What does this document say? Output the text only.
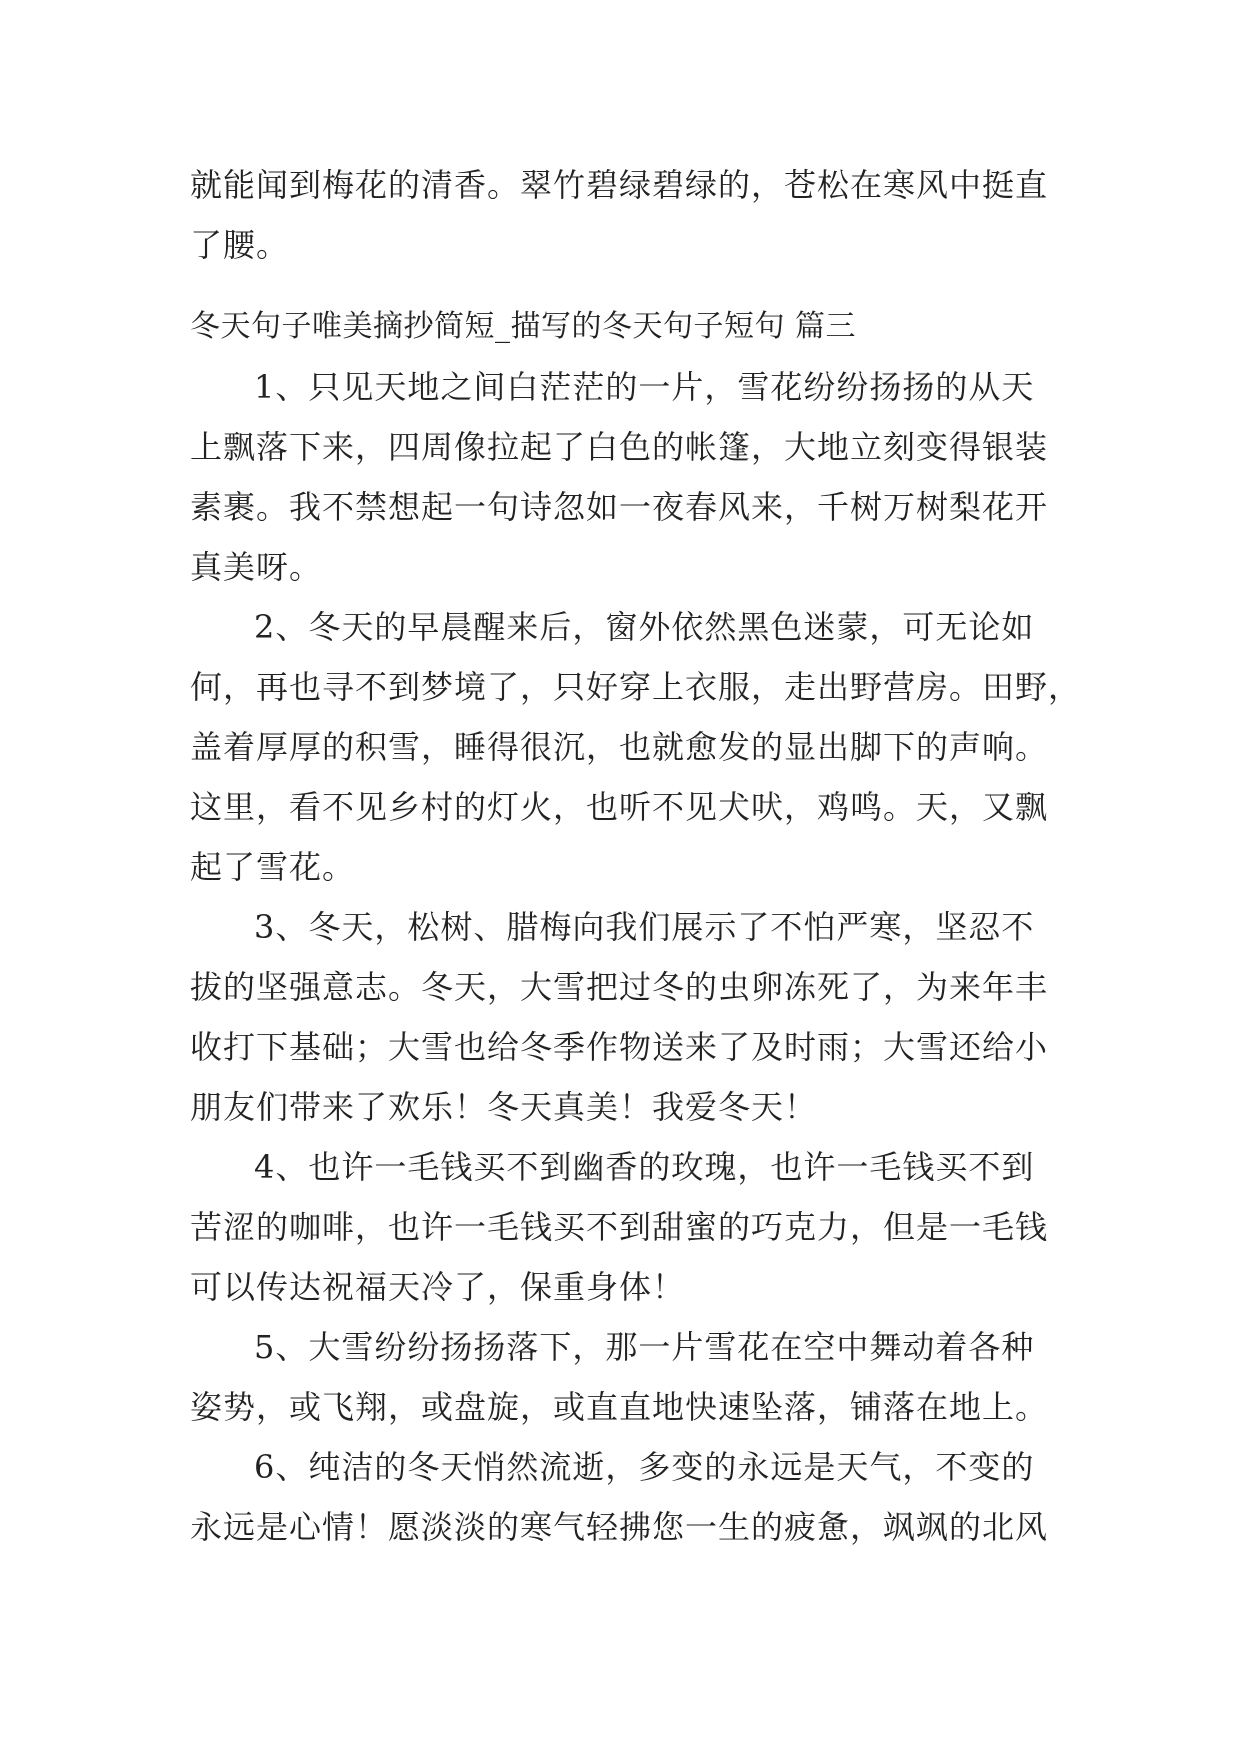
就能闻到梅花的清香。翠竹碧绿碧绿的，苍松在寒风中挺直
了腰。
冬天句子唯美摘抄简短_描写的冬天句子短句 篇三
1、只见天地之间白茫茫的一片，雪花纷纷扬扬的从天
上飘落下来，四周像拉起了白色的帐篷，大地立刻变得银装
素裹。我不禁想起一句诗忽如一夜春风来，千树万树梨花开
真美呀。
2、冬天的早晨醒来后，窗外依然黑色迷蒙，可无论如
何，再也寻不到梦境了，只好穿上衣服，走出野营房。田野，
盖着厚厚的积雪，睡得很沉，也就愈发的显出脚下的声响。
这里，看不见乡村的灯火，也听不见犬吠，鸡鸣。天，又飘
起了雪花。
3、冬天，松树、腊梅向我们展示了不怕严寒，坚忍不
拔的坚强意志。冬天，大雪把过冬的虫卵冻死了，为来年丰
收打下基础；大雪也给冬季作物送来了及时雨；大雪还给小
朋友们带来了欢乐！冬天真美！我爱冬天！
4、也许一毛钱买不到幽香的玫瑰，也许一毛钱买不到
苦涩的咖啡，也许一毛钱买不到甜蜜的巧克力，但是一毛钱
可以传达祝福天冷了，保重身体！
5、大雪纷纷扬扬落下，那一片雪花在空中舞动着各种
姿势，或飞翔，或盘旋，或直直地快速坠落，铺落在地上。
6、纯洁的冬天悄然流逝，多变的永远是天气，不变的
永远是心情！愿淡淡的寒气轻拂您一生的疲惫，飒飒的北风
